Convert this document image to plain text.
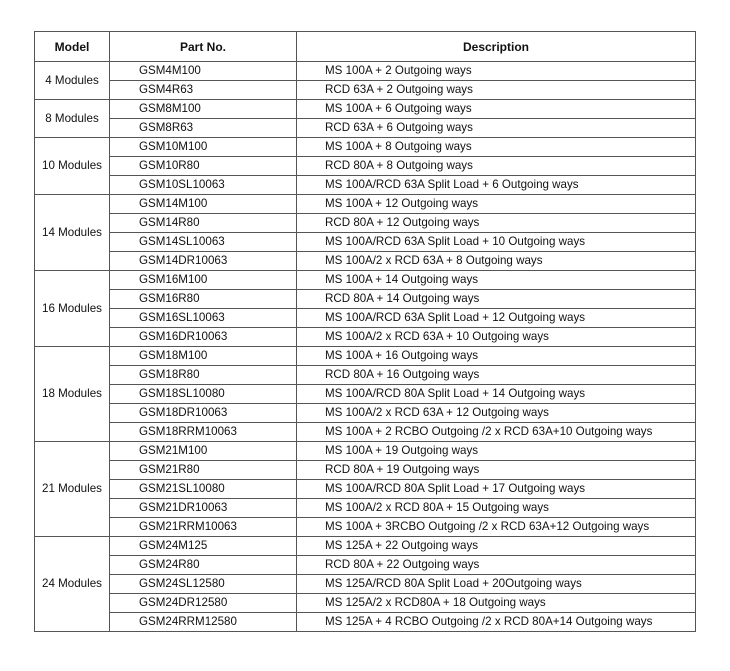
Model	Part No.	Description
4 Modules	GSM4M100	MS 100A + 2 Outgoing ways
	GSM4R63	RCD 63A + 2 Outgoing ways
8 Modules	GSM8M100	MS 100A + 6 Outgoing ways
	GSM8R63	RCD 63A + 6 Outgoing ways
10 Modules	GSM10M100	MS 100A + 8 Outgoing ways
	GSM10R80	RCD 80A + 8 Outgoing ways
	GSM10SL10063	MS 100A/RCD 63A Split Load + 6 Outgoing ways
14 Modules	GSM14M100	MS 100A + 12 Outgoing ways
	GSM14R80	RCD 80A + 12 Outgoing ways
	GSM14SL10063	MS 100A/RCD 63A Split Load + 10 Outgoing ways
	GSM14DR10063	MS 100A/2 x RCD 63A + 8 Outgoing ways
16 Modules	GSM16M100	MS 100A + 14 Outgoing ways
	GSM16R80	RCD 80A + 14 Outgoing ways
	GSM16SL10063	MS 100A/RCD 63A Split Load + 12 Outgoing ways
	GSM16DR10063	MS 100A/2 x RCD 63A + 10 Outgoing ways
18 Modules	GSM18M100	MS 100A + 16 Outgoing ways
	GSM18R80	RCD 80A + 16 Outgoing ways
	GSM18SL10080	MS 100A/RCD 80A Split Load + 14 Outgoing ways
	GSM18DR10063	MS 100A/2 x RCD 63A + 12 Outgoing ways
	GSM18RRM10063	MS 100A + 2 RCBO Outgoing /2 x RCD 63A+10 Outgoing ways
21 Modules	GSM21M100	MS 100A + 19 Outgoing ways
	GSM21R80	RCD 80A + 19 Outgoing ways
	GSM21SL10080	MS 100A/RCD 80A Split Load + 17 Outgoing ways
	GSM21DR10063	MS 100A/2 x RCD 80A + 15 Outgoing ways
	GSM21RRM10063	MS 100A + 3RCBO Outgoing /2 x RCD 63A+12 Outgoing ways
24 Modules	GSM24M125	MS 125A + 22 Outgoing ways
	GSM24R80	RCD 80A + 22 Outgoing ways
	GSM24SL12580	MS 125A/RCD 80A Split Load + 20Outgoing ways
	GSM24DR12580	MS 125A/2 x RCD80A + 18 Outgoing ways
	GSM24RRM12580	MS 125A + 4 RCBO Outgoing /2 x RCD 80A+14 Outgoing ways
